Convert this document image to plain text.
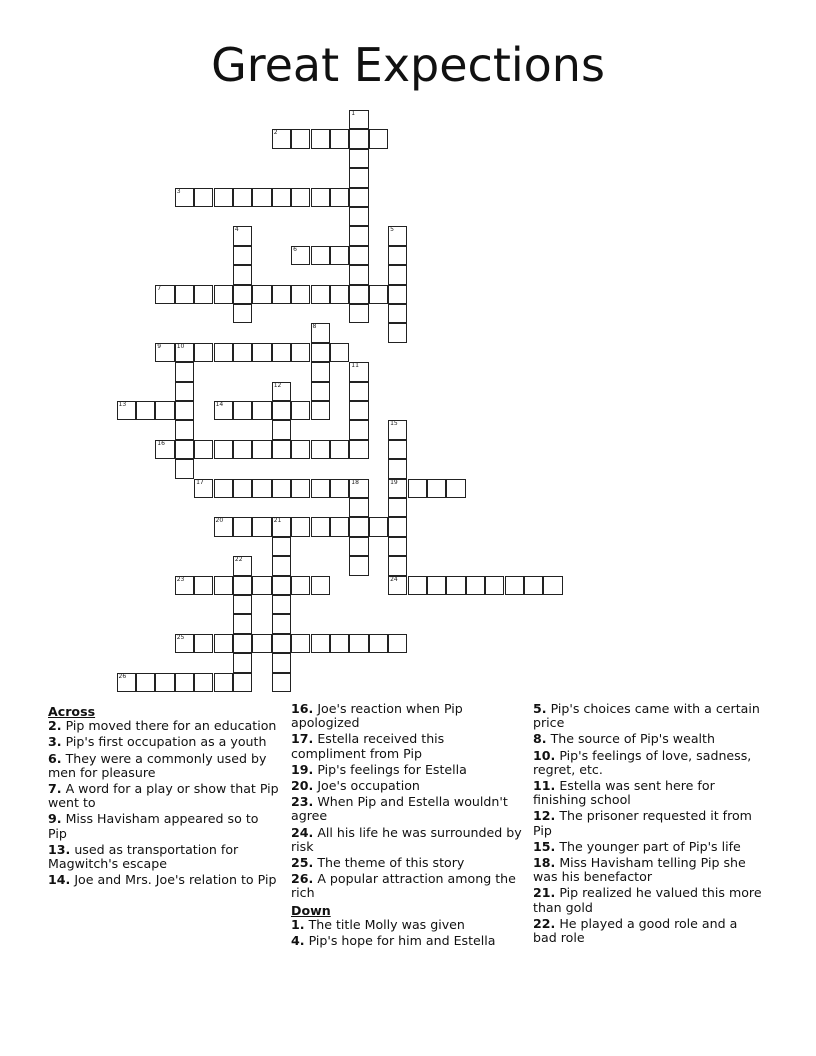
Great Expections
1
2
3
4	5
6
7
8
9	10
11
12
13	14
15
19
16
17	18
20	21
22
23	24
25
26
Across
2. Pip moved there for an education
3. Pip's first occupation as a youth
6. They were a commonly used by men for pleasure
7. A word for a play or show that Pip went to
9. Miss Havisham appeared so to Pip
13. used as transportation for Magwitch's escape
14. Joe and Mrs. Joe's relation to Pip
16. Joe's reaction when Pip apologized
17. Estella received this compliment from Pip
19. Pip's feelings for Estella
20. Joe's occupation
23. When Pip and Estella wouldn't agree
24. All his life he was surrounded by risk
25. The theme of this story
26. A popular attraction among the rich
Down
1. The title Molly was given
4. Pip's hope for him and Estella
5. Pip's choices came with a certain price
8. The source of Pip's wealth
10. Pip's feelings of love, sadness, regret, etc.
11. Estella was sent here for finishing school
12. The prisoner requested it from Pip
15. The younger part of Pip's life
18. Miss Havisham telling Pip she was his benefactor
21. Pip realized he valued this more than gold
22. He played a good role and a bad role
